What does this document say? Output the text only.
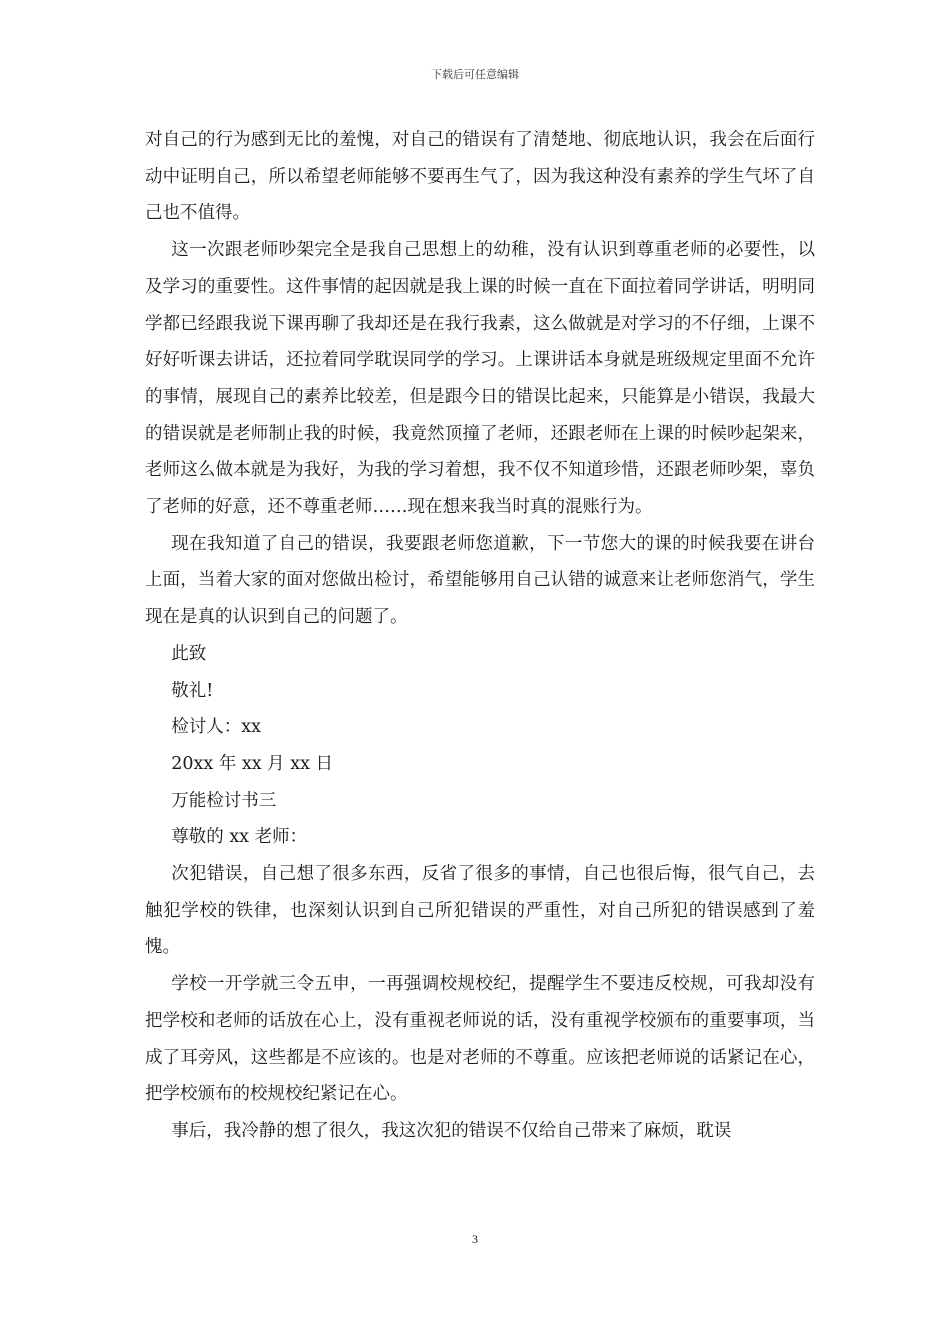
下载后可任意编辑

对自己的行为感到无比的羞愧，对自己的错误有了清楚地、彻底地认识，我会在后面行动中证明自己，所以希望老师能够不要再生气了，因为我这种没有素养的学生气坏了自己也不值得。

这一次跟老师吵架完全是我自己思想上的幼稚，没有认识到尊重老师的必要性，以及学习的重要性。这件事情的起因就是我上课的时候一直在下面拉着同学讲话，明明同学都已经跟我说下课再聊了我却还是在我行我素，这么做就是对学习的不仔细，上课不好好听课去讲话，还拉着同学耽误同学的学习。上课讲话本身就是班级规定里面不允许的事情，展现自己的素养比较差，但是跟今日的错误比起来，只能算是小错误，我最大的错误就是老师制止我的时候，我竟然顶撞了老师，还跟老师在上课的时候吵起架来，老师这么做本就是为我好，为我的学习着想，我不仅不知道珍惜，还跟老师吵架，辜负了老师的好意，还不尊重老师……现在想来我当时真的混账行为。

现在我知道了自己的错误，我要跟老师您道歉，下一节您大的课的时候我要在讲台上面，当着大家的面对您做出检讨，希望能够用自己认错的诚意来让老师您消气，学生现在是真的认识到自己的问题了。

此致

敬礼!

检讨人：xx

20xx 年 xx 月 xx 日

万能检讨书三

尊敬的 xx 老师：

次犯错误，自己想了很多东西，反省了很多的事情，自己也很后悔，很气自己，去触犯学校的铁律，也深刻认识到自己所犯错误的严重性，对自己所犯的错误感到了羞愧。

学校一开学就三令五申，一再强调校规校纪，提醒学生不要违反校规，可我却没有把学校和老师的话放在心上，没有重视老师说的话，没有重视学校颁布的重要事项，当成了耳旁风，这些都是不应该的。也是对老师的不尊重。应该把老师说的话紧记在心，把学校颁布的校规校纪紧记在心。

事后，我冷静的想了很久，我这次犯的错误不仅给自己带来了麻烦，耽误

3
